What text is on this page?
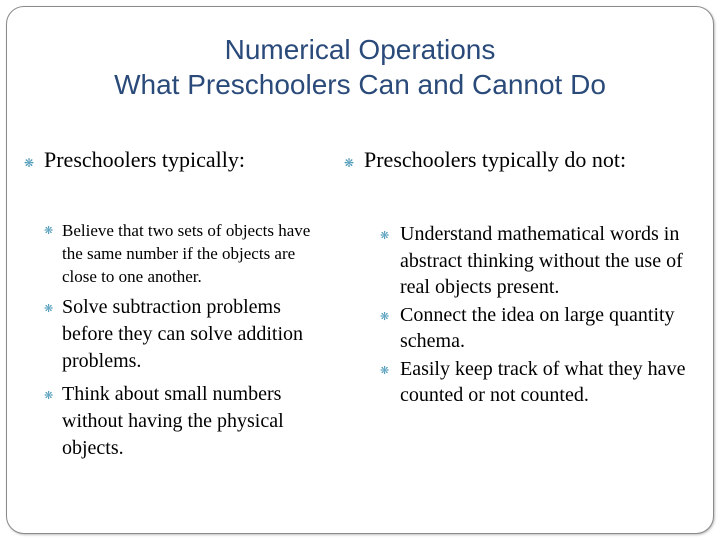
Numerical Operations
What Preschoolers Can and Cannot Do
❋ Preschoolers typically:
❋ Believe that two sets of objects have the same number if the objects are close to one another.
❋ Solve subtraction problems before they can solve addition problems.
❋ Think about small numbers without having the physical objects.
❋ Preschoolers typically do not:
❋ Understand mathematical words in abstract thinking without the use of real objects present.
❋ Connect the idea on large quantity schema.
❋ Easily keep track of what they have counted or not counted.
